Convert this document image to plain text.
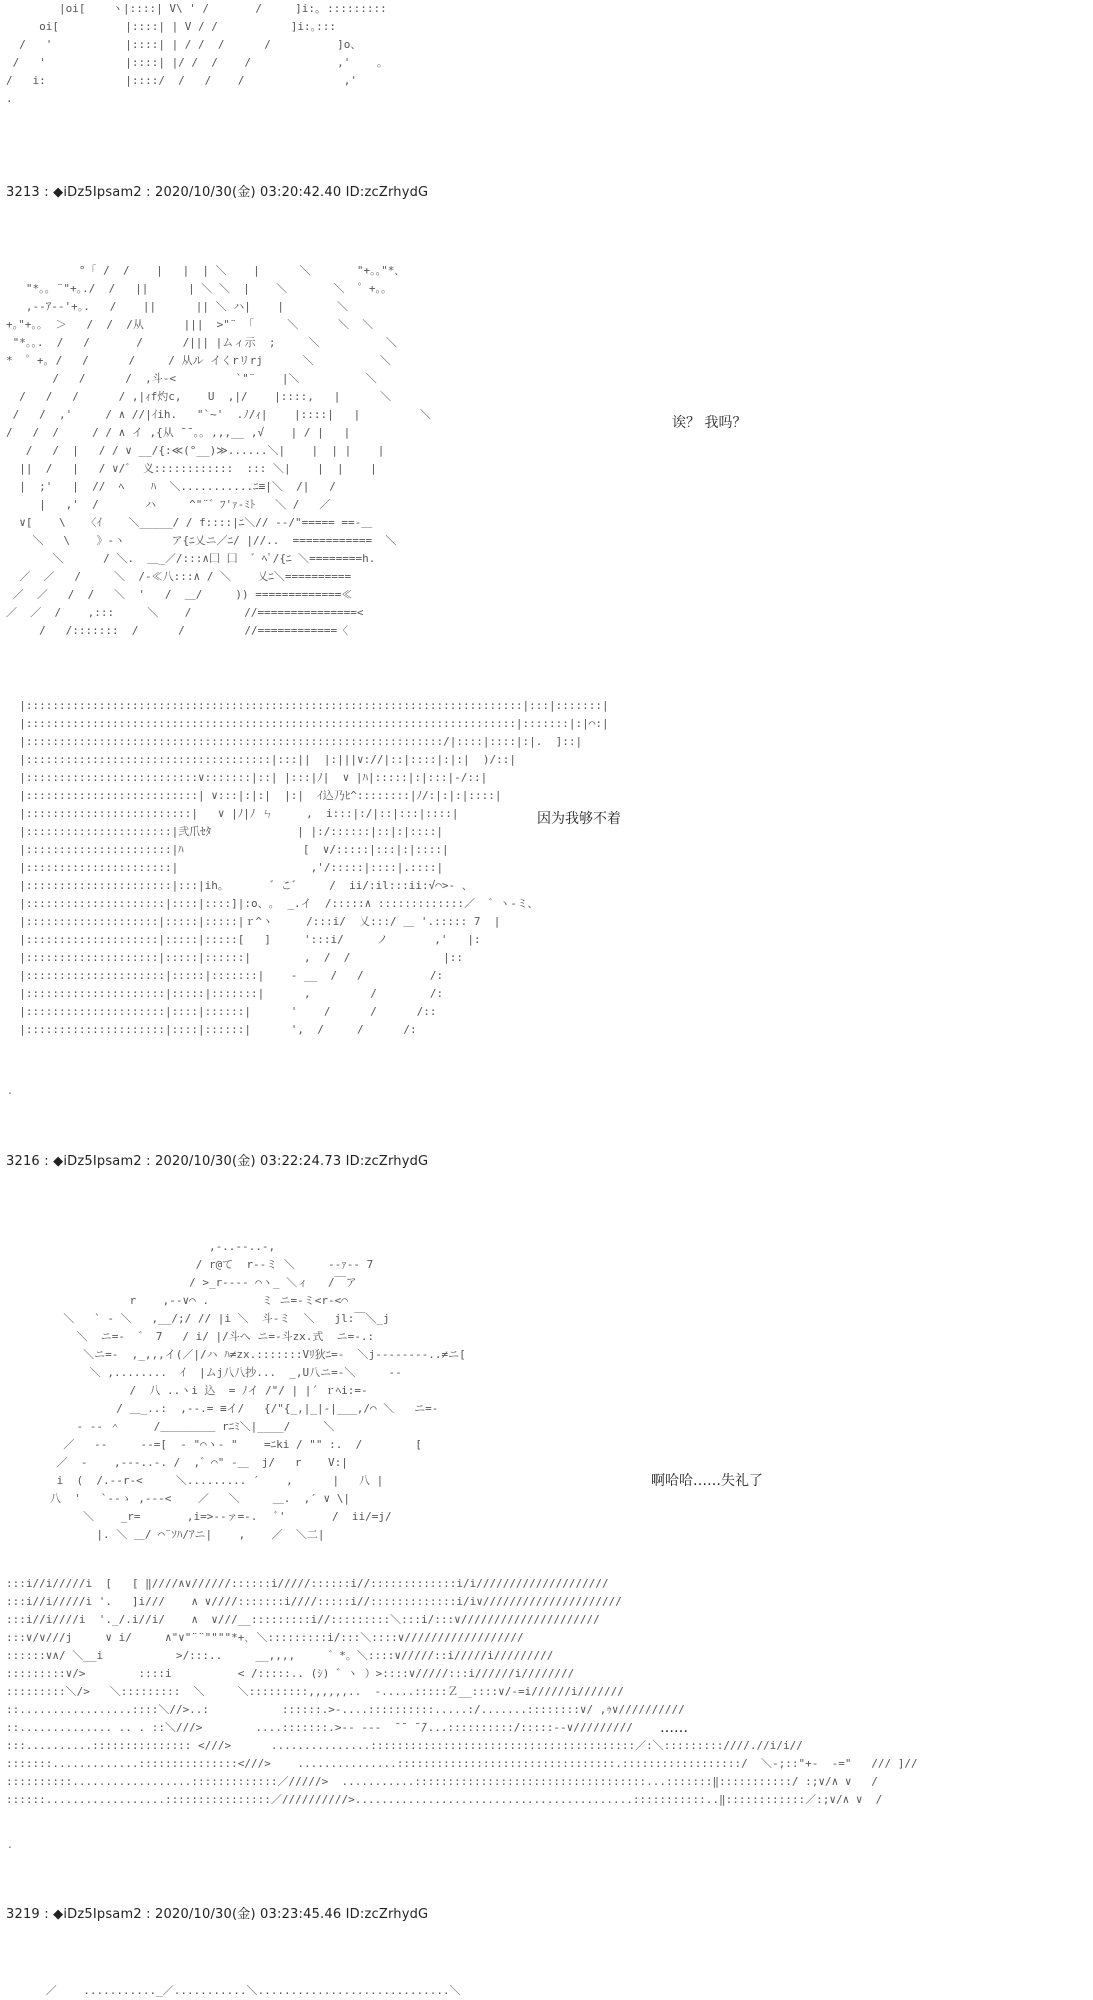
|oi[    ヽ|::::| V\ ' /       /     ]i:｡ :::::::::
oi[          |::::| | V / /           ]i:｡:::
/   '           |::::| | / /  /      /          ]o、
/   '            |::::| |/ /  /    /             ,'    ｡
/   i:            |::::/  /   /    /               ,'
.
3213 : ◆iDz5Ipsam2 : 2020/10/30(金) 03:20:42.40 ID:zcZrhydG
°「 /  /    |   |  | ＼    |      ＼       "+｡｡"*､
"*｡｡ ¨"+｡./  /   ||      | ＼ ＼  |    ＼       ＼  ゜+｡｡
,--ｱ‐‐'+｡.   /    ||      || ＼ ハ|    |        ＼
+｡"+｡｡  ＞   /  /  /从      |||  >"¨ 「     ＼      ＼  ＼
"*｡｡.  /   /       /      /||| |ムィ示  ;     ＼          ＼
*  ゜+｡ /   /      /     / 从ル イくrリrj      ＼          ＼
/   /      /  ,斗‐<         `"¨    |＼          ＼
/   /   /      / ,|ｨf灼c,    U  ,|/    |::::,   |      ＼
/   /  ,'     / ∧ //|ｲih.   "`~'  .ﾉ/ｨ|    |::::|   |         ＼
/   /  /     / / ∧ イ ,{从 ̄ ̄ ｡｡ ,,,__ ,√    | / |   |
/   /  |   / / ∨ __/{:≪(°__)≫......＼|    |  | |    |
||  /   |   / ∨/゛ 义::::::::::::  ::: ＼|    |  |    |
|  ;'   |  //  ﾍ    ﾊ  ＼...........ﾆ≡|＼  /|   /
|   ,'  /       ハ     ^"¨゛ﾌ'ｧ‐ﾐﾄ   ＼ /   ／
∨[    \   〈ｲ    ＼_____/ / f::::|ﾆ＼// ‐‐/"===== ==‐＿
＼   \    》‐ヽ       ア{ﾆ乂ニ／ﾆ/ |//..  ============  ＼
＼      / ＼.  ＿_／/:::∧囗 囗  ゛ﾍﾟ/{ﾆ ＼========h.
／  ／   /     ＼  /‐≪八:::∧ / ＼    乂ﾆ＼==========
／  ／   /  /   ＼  '   /  ＿/     )) =============≪
／  ／  /    ,:::     ＼    /        //===============<
/   /:::::::  /      /         //============〈
诶？ 我吗？
|:::::::::::::::::::::::::::::::::::::::::::::::::::::::::::::::::::::::::::|:::|:::::::|
|::::::::::::::::::::::::::::::::::::::::::::::::::::::::::::::::::::::::::|:::::::|:|⌒:|
|:::::::::::::::::::::::::::::::::::::::::::::::::::::::::::::::/|::::|::::|:|.  ]::|
|:::::::::::::::::::::::::::::::::::::|:::||  |:|||∨://|::|::::|:|:|  )/::|
|::::::::::::::::::::::::::∨:::::::|::| |:::|ﾉ|  ∨ |ﾊ|:::::|:|:::|‐/::|
|::::::::::::::::::::::::::| ∨:::|:|:|  |:|  ｲ込乃ﾋ^::::::::|ﾉ/:|:|:|::::|
|:::::::::::::::::::::::::|   ∨ |ﾉ|ﾉ ㄣ     ,  i:::|:/|::|:::|::::|
|::::::::::::::::::::::|弐爪ｾﾀ             | |:/::::::|::|:|::::|
|::::::::::::::::::::::|ﾊ                  [  ∨/:::::|:::|:|::::|
|::::::::::::::::::::::|                    ,'/:::::|::::|.::::|
|::::::::::::::::::::::|:::|ih｡       ゛こ゛    /  ii/:il:::ii:√⌒>‐ 、
|:::::::::::::::::::::|::::|::::]|:o、｡  _.イ  /:::::∧ :::::::::::::／  ゛ヽ‐ミ、
|::::::::::::::::::::|:::::|:::::|ｒ^ヽ     /:::i/  乂:::/ ＿ '.::::: 7  |
|::::::::::::::::::::|:::::|:::::[   ]     ':::i/     ノ       ,'   |:
|::::::::::::::::::::|:::::|::::::|        ,  /  /              |::
|:::::::::::::::::::::|:::::|:::::::|    ‐ __  /   /          /:
|:::::::::::::::::::::|:::::|:::::::|      ,         /        /:
|:::::::::::::::::::::|::::|::::::|      '    /      /      /::
|:::::::::::::::::::::|::::|::::::|      ',  /     /      /:
因为我够不着
.
3216 : ◆iDz5Ipsam2 : 2020/10/30(金) 03:22:24.73 ID:zcZrhydG
,-..--..-,
/ r@て  r-‐ミ ＼     ‐‐ｧ‐- 7
/ >_r‐‐‐‐ ⌒ヽ_ ＼ィ   /￣ア
r    ,--∨⌒ .        ミ ニ=‐ミ<r‐<⌒
＼   ` ‐ ＼   ,__/;/ // |i ＼  斗‐ミ  ＼   jl:￣＼_j
＼  ニ=-  ゛ 7   / i/ |/斗へ ニ=‐斗zx.式  ニ=‐.:
＼ニ=-  ,_,,,イ(／|/ハ ﾊ≠zx.:::::::Vﾘ狄ﾆ=‐  ＼j‐‐‐‐‐‐‐‐..≠ニ[
＼ ,........  ｲ  |ムj八八抄...  _,U八ニ=‐＼     ‐‐
/  八 ..ヽi 込  = ﾉイ /"/ | |´ ｒﾍi:=‐
/ ＿_..:  ,‐-.= ≡イ/   {/"{_,|_|‐|___,/⌒ ＼   ニ=‐
‐ ‐‐ ＾     /＿＿＿＿＿ rﾆﾐ＼|____/     ＼
／   ‐‐     ‐‐=[  ‐ "⌒ヽ‐ "    =ﾆki / "" :.  /        [
／  ‐    ,-‐‐..-. /  ,゛⌒" ‐＿  j/   r    V:|
i  (  /.‐‐r‐<     ＼......... ′    ,      |   八 |
八  '   `‐‐ゝ ,‐-‐<    ／   ＼     ＿.  ,′ ∨ \|
＼    _r=       ,i=>‐‐ァ=‐.   ﾞ'       /  ii/=j/
|. ＼ ＿/ ⌒¨ｿﾊ/ｱニ|    ,    ／  ＼二|
啊哈哈……失礼了
:::i//i/////i  [   [ ‖////∧∨//////::::::i/////::::::i//:::::::::::::i/i////////////////////
:::i//i/////i '.   ]i///    ∧ ∨////:::::::i////:::::i//:::::::::::::i/i∨/////////////////////
:::i//i////i  '._/.i//i/    ∧  ∨///__:::::::::i//:::::::::＼:::i/:::∨/////////////////////
:::∨/∨///j     ∨ i/     ∧"∨"¨¨""""*+､ ＼:::::::::i/:::＼::::∨//////////////////
::::::∨∧/ ＼__i           >/:::..     __,,,,     ゛*。＼::::∨/////::i/////i/////////
:::::::::∨/>        ::::i          < /:::::.. (ｼ) ゛ヽ ）>::::∨/////:::i//////i////////
:::::::::＼/>   ＼:::::::::  ＼     ＼:::::::::,,,,,,..  -.....:::::Ｚ__::::∨/‐=i//////i///////
::.................::::＼//>..:           ::::::.>‐....::::::::::.....:/.......::::::::∨/ ,ｩ∨//////////
::.............. .. . ::＼///>        ....:::::::.>‐‐ ‐‐‐  ̄ ̄  ̄ ̄/...::::::::::/:::::-‐∨/////////
:::..........::::::::::::::: <///>      ...............::::::::::::::::::::::::::::::::::::::::／:＼:::::::::////.//i/i//
:::::::.............:::::::::::::::<///>    ...............:::::::::::::::::::::::::::::::::.::::::::::::::::::/  ＼-;::"+‐  -="   /// ]//
::::::::::..................:::::::::::::／/////>  ...........:::::::::::::::::::::::::::::::::::...:::::::‖:::::::::::/ :;∨/∧ ∨   /
::::::..................::::::::::::::::／//////////>..........................................:::::::::::..‖::::::::::::／:;∨/∧ ∨  /
……
.
3219 : ◆iDz5Ipsam2 : 2020/10/30(金) 03:23:45.46 ID:zcZrhydG
／    ..........._／...........＼.............................＼
